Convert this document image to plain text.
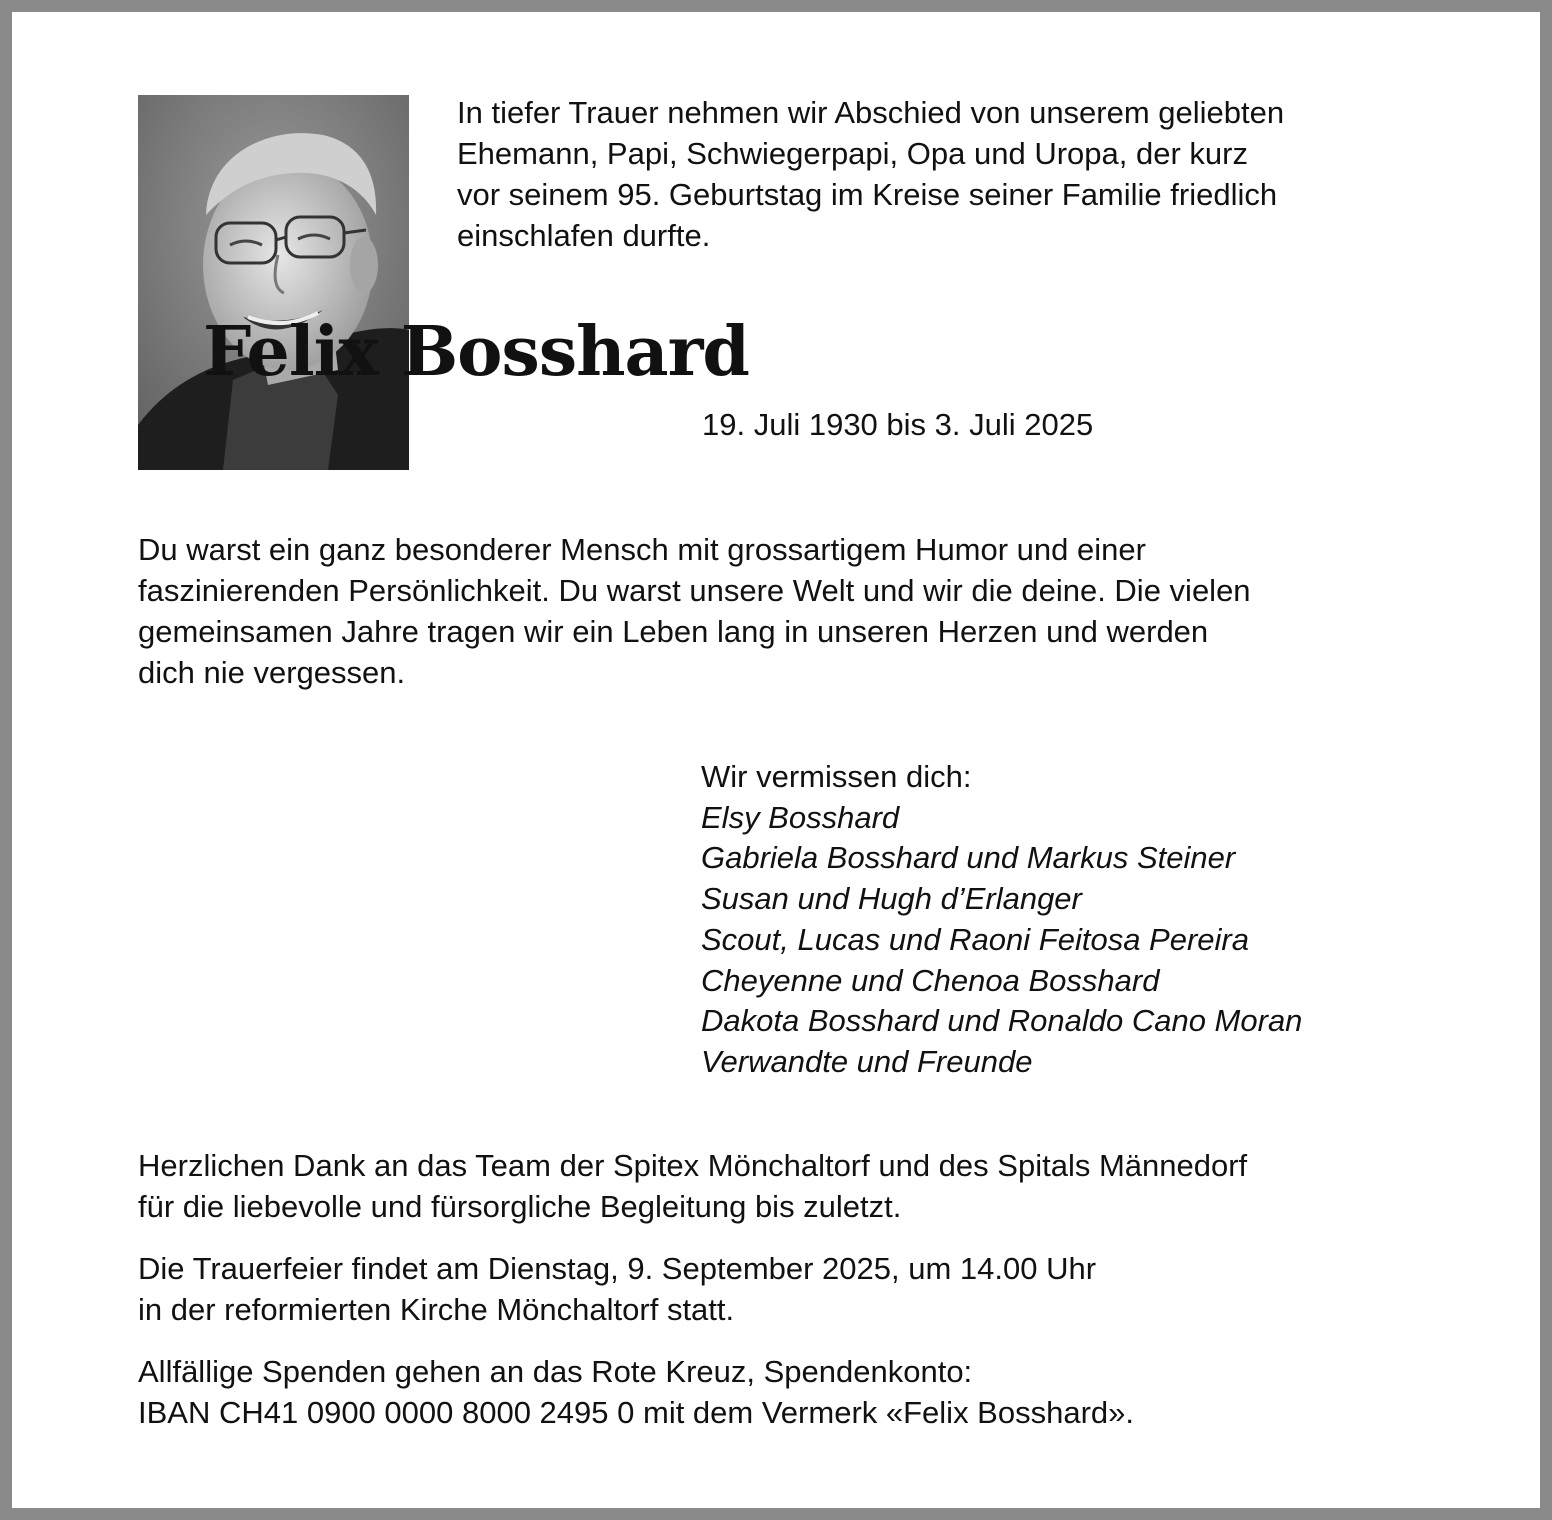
In tiefer Trauer nehmen wir Abschied von unserem geliebten
Ehemann, Papi, Schwiegerpapi, Opa und Uropa, der kurz
vor seinem 95. Geburtstag im Kreise seiner Familie friedlich
einschlafen durfte.
Felix Bosshard
19. Juli 1930 bis 3. Juli 2025
Du warst ein ganz besonderer Mensch mit grossartigem Humor und einer
faszinierenden Persönlichkeit. Du warst unsere Welt und wir die deine. Die vielen
gemeinsamen Jahre tragen wir ein Leben lang in unseren Herzen und werden
dich nie vergessen.
Wir vermissen dich:
Elsy Bosshard
Gabriela Bosshard und Markus Steiner
Susan und Hugh d’Erlanger
Scout, Lucas und Raoni Feitosa Pereira
Cheyenne und Chenoa Bosshard
Dakota Bosshard und Ronaldo Cano Moran
Verwandte und Freunde
Herzlichen Dank an das Team der Spitex Mönchaltorf und des Spitals Männedorf
für die liebevolle und fürsorgliche Begleitung bis zuletzt.
Die Trauerfeier findet am Dienstag, 9. September 2025, um 14.00 Uhr
in der reformierten Kirche Mönchaltorf statt.
Allfällige Spenden gehen an das Rote Kreuz, Spendenkonto:
IBAN CH41 0900 0000 8000 2495 0 mit dem Vermerk «Felix Bosshard».
